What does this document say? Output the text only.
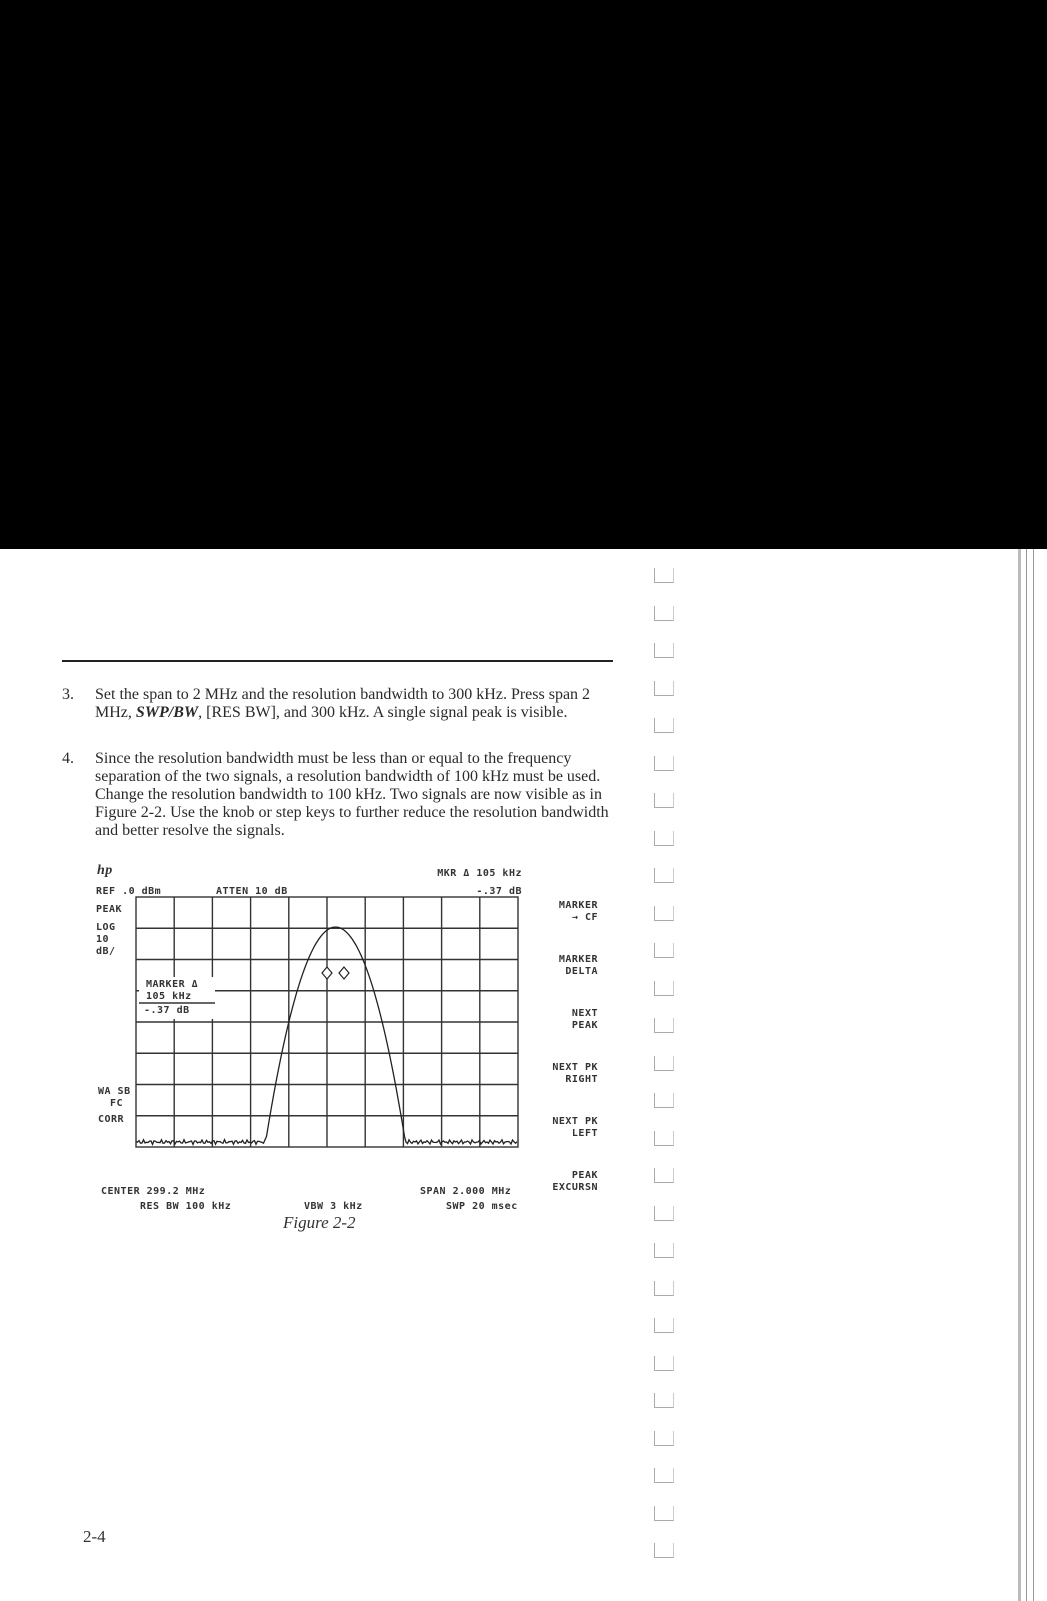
3. Set the span to 2 MHz and the resolution bandwidth to 300 kHz. Press span 2 MHz, SWP/BW, [RES BW], and 300 kHz. A single signal peak is visible.
4. Since the resolution bandwidth must be less than or equal to the frequency separation of the two signals, a resolution bandwidth of 100 kHz must be used. Change the resolution bandwidth to 100 kHz. Two signals are now visible as in Figure 2-2. Use the knob or step keys to further reduce the resolution bandwidth and better resolve the signals.
hp	MKR Δ 105 kHz
REF .0 dBm	ATTEN 10 dB	-.37 dB
PEAK
LOG
10
dB/
WA SB
FC
CORR
MARKER Δ
105 kHz
-.37 dB
CENTER 299.2 MHz	SPAN 2.000 MHz
RES BW 100 kHz	VBW 3 kHz	SWP 20 msec
MARKER
→ CF
MARKER
DELTA
NEXT
PEAK
NEXT PK
RIGHT
NEXT PK
LEFT
PEAK
EXCURSN
Figure 2-2
2-4
